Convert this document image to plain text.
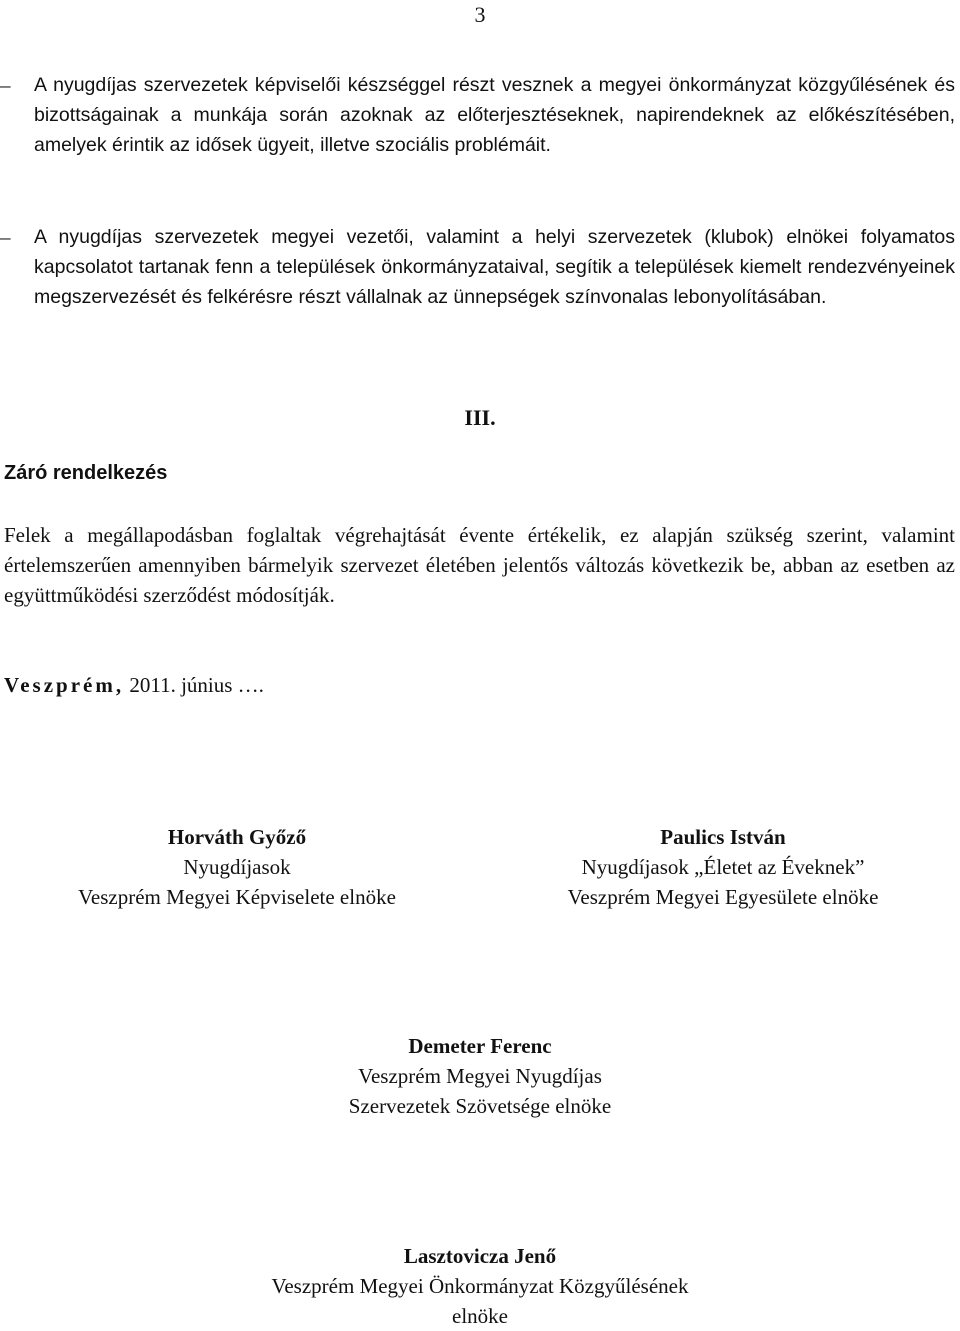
3
–	A nyugdíjas szervezetek képviselői készséggel részt vesznek a megyei önkormányzat közgyűlésének és bizottságainak a munkája során azoknak az előterjesztéseknek, napirendeknek az előkészítésében, amelyek érintik az idősek ügyeit, illetve szociális problémáit.
–	A nyugdíjas szervezetek megyei vezetői, valamint a helyi szervezetek (klubok) elnökei folyamatos kapcsolatot tartanak fenn a települések önkormányzataival, segítik a települések kiemelt rendezvényeinek megszervezését és felkérésre részt vállalnak az ünnepségek színvonalas lebonyolításában.
III.
Záró rendelkezés
Felek a megállapodásban foglaltak végrehajtását évente értékelik, ez alapján szükség szerint, valamint értelemszerűen amennyiben bármelyik szervezet életében jelentős változás következik be, abban az esetben az együttműködési szerződést módosítják.
Veszprém, 2011. június ….
Horváth Győző
Nyugdíjasok
Veszprém Megyei Képviselete elnöke
Paulics István
Nyugdíjasok „Életet az Éveknek”
Veszprém Megyei Egyesülete elnöke
Demeter Ferenc
Veszprém Megyei Nyugdíjas
Szervezetek Szövetsége elnöke
Lasztovicza Jenő
Veszprém Megyei Önkormányzat Közgyűlésének
elnöke
